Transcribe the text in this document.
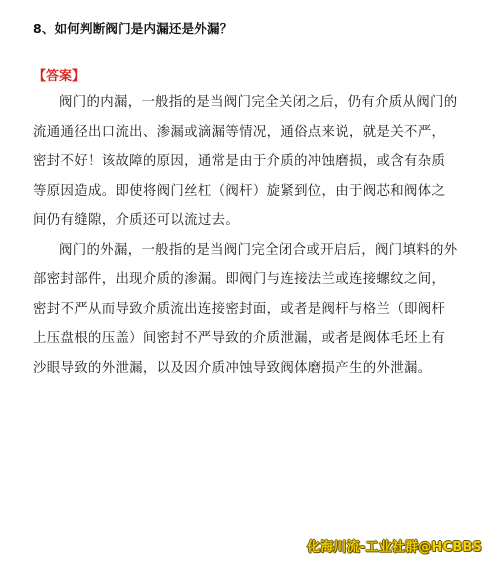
8、如何判断阀门是内漏还是外漏？
【答案】
阀门的内漏，一般指的是当阀门完全关闭之后，仍有介质从阀门的
流通通径出口流出、渗漏或滴漏等情况，通俗点来说，就是关不严，
密封不好！该故障的原因，通常是由于介质的冲蚀磨损，或含有杂质
等原因造成。即使将阀门丝杠（阀杆）旋紧到位，由于阀芯和阀体之
间仍有缝隙，介质还可以流过去。
阀门的外漏，一般指的是当阀门完全闭合或开启后，阀门填料的外
部密封部件，出现介质的渗漏。即阀门与连接法兰或连接螺纹之间，
密封不严从而导致介质流出连接密封面，或者是阀杆与格兰（即阀杆
上压盘根的压盖）间密封不严导致的介质泄漏，或者是阀体毛坯上有
沙眼导致的外泄漏，以及因介质冲蚀导致阀体磨损产生的外泄漏。
化海川流-工业社群@HCBBS
